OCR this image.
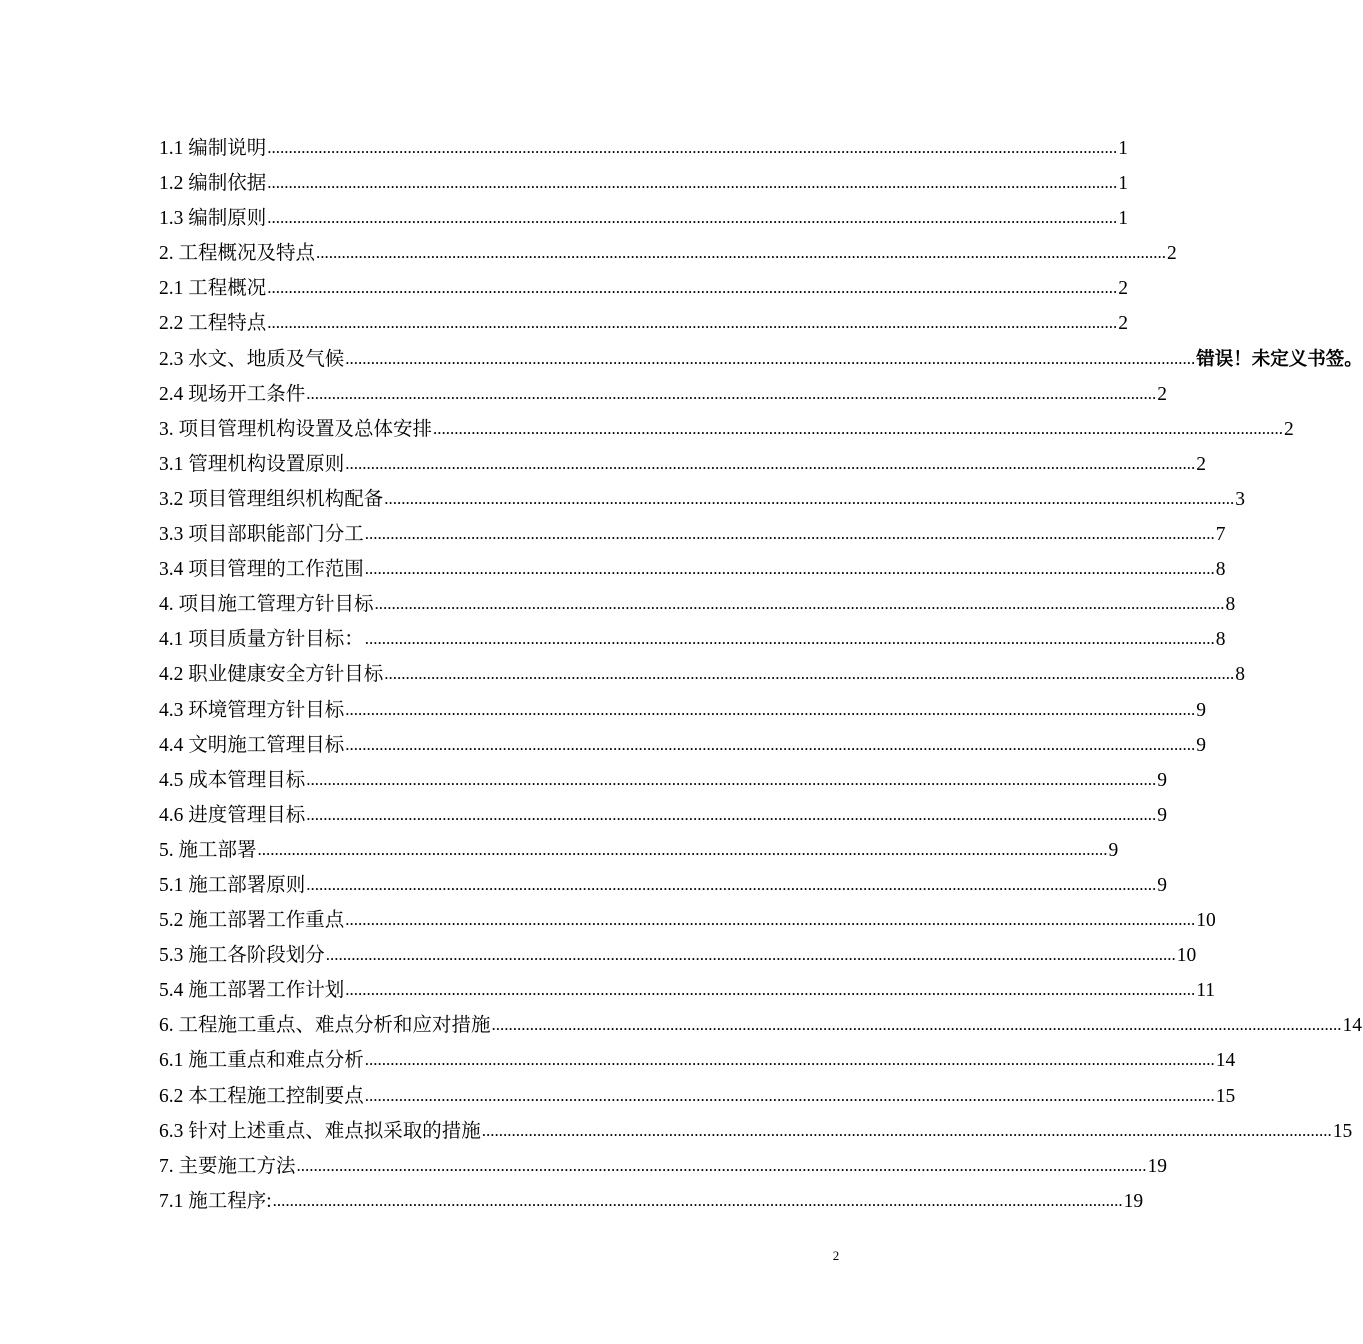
1.1 编制说明 ........................................................................................................................................................................................................ 1
1.2 编制依据 ........................................................................................................................................................................................................ 1
1.3 编制原则 ........................................................................................................................................................................................................ 1
2. 工程概况及特点 ........................................................................................................................................................................................................ 2
2.1 工程概况 ........................................................................................................................................................................................................ 2
2.2 工程特点 ........................................................................................................................................................................................................ 2
2.3 水文、地质及气候 ........................................................................................................................................................................................................ 错误！未定义书签。
2.4 现场开工条件 ........................................................................................................................................................................................................ 2
3. 项目管理机构设置及总体安排 ........................................................................................................................................................................................................ 2
3.1 管理机构设置原则 ........................................................................................................................................................................................................ 2
3.2 项目管理组织机构配备 ........................................................................................................................................................................................................ 3
3.3 项目部职能部门分工 ........................................................................................................................................................................................................ 7
3.4 项目管理的工作范围 ........................................................................................................................................................................................................ 8
4. 项目施工管理方针目标 ........................................................................................................................................................................................................ 8
4.1 项目质量方针目标： ........................................................................................................................................................................................................ 8
4.2 职业健康安全方针目标 ........................................................................................................................................................................................................ 8
4.3 环境管理方针目标 ........................................................................................................................................................................................................ 9
4.4 文明施工管理目标 ........................................................................................................................................................................................................ 9
4.5 成本管理目标 ........................................................................................................................................................................................................ 9
4.6 进度管理目标 ........................................................................................................................................................................................................ 9
5. 施工部署 ........................................................................................................................................................................................................ 9
5.1 施工部署原则 ........................................................................................................................................................................................................ 9
5.2 施工部署工作重点 ........................................................................................................................................................................................................ 10
5.3 施工各阶段划分 ........................................................................................................................................................................................................ 10
5.4 施工部署工作计划 ........................................................................................................................................................................................................ 11
6. 工程施工重点、难点分析和应对措施 ........................................................................................................................................................................................................ 14
6.1 施工重点和难点分析 ........................................................................................................................................................................................................ 14
6.2 本工程施工控制要点 ........................................................................................................................................................................................................ 15
6.3 针对上述重点、难点拟采取的措施 ........................................................................................................................................................................................................ 15
7. 主要施工方法 ........................................................................................................................................................................................................ 19
7.1 施工程序: ........................................................................................................................................................................................................ 19
2
